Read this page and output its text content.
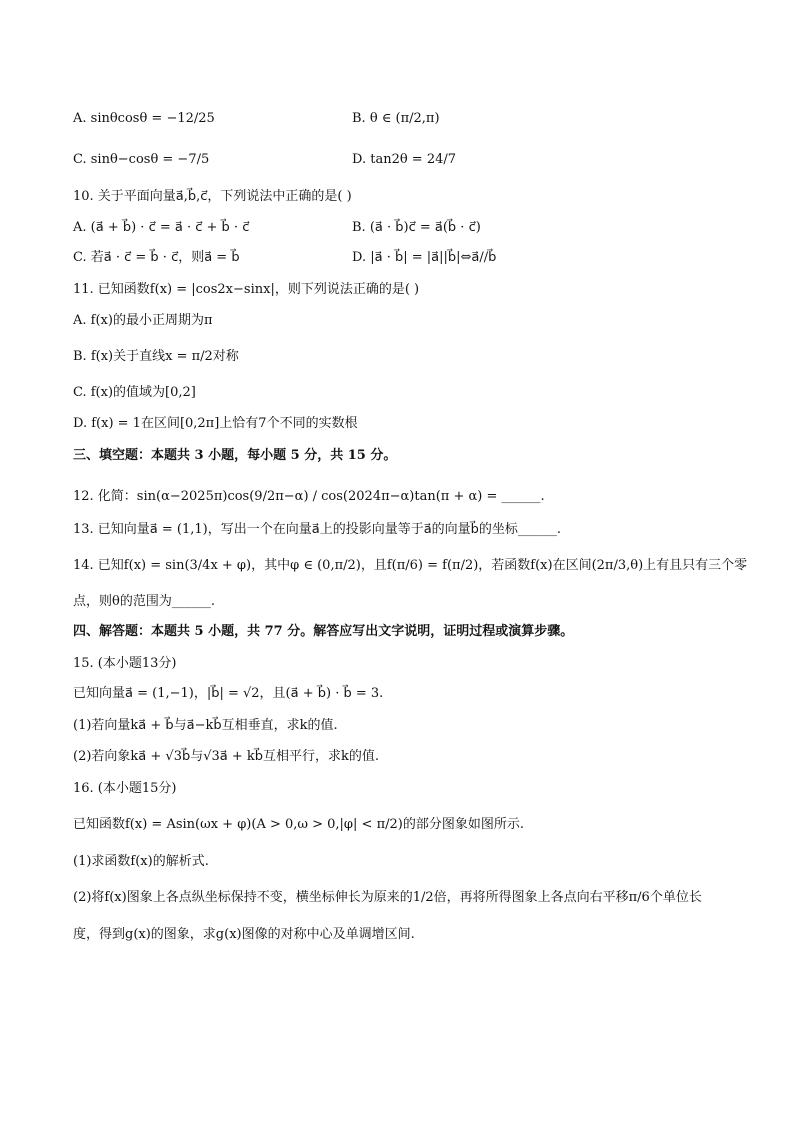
A. sinθcosθ = −12/25	B. θ ∈ (π/2,π)
C. sinθ−cosθ = −7/5	D. tan2θ = 24/7
10. 关于平面向量a⃗,b⃗,c⃗，下列说法中正确的是( )
A. (a⃗ + b⃗) · c⃗ = a⃗ · c⃗ + b⃗ · c⃗	B. (a⃗ · b⃗)c⃗ = a⃗(b⃗ · c⃗)
C. 若a⃗ · c⃗ = b⃗ · c⃗，则a⃗ = b⃗	D. |a⃗ · b⃗| = |a⃗||b⃗|⇔a⃗//b⃗
11. 已知函数f(x) = |cos2x−sinx|，则下列说法正确的是( )
A. f(x)的最小正周期为π
B. f(x)关于直线x = π/2对称
C. f(x)的值域为[0,2]
D. f(x) = 1在区间[0,2π]上恰有7个不同的实数根
三、填空题：本题共 3 小题，每小题 5 分，共 15 分。
12. 化简：sin(α−2025π)cos(9/2π−α) / cos(2024π−α)tan(π + α) = ______.
13. 已知向量a⃗ = (1,1)，写出一个在向量a⃗上的投影向量等于a⃗的向量b⃗的坐标______.
14. 已知f(x) = sin(3/4x + φ)，其中φ ∈ (0,π/2)，且f(π/6) = f(π/2)，若函数f(x)在区间(2π/3,θ)上有且只有三个零
点，则θ的范围为______.
四、解答题：本题共 5 小题，共 77 分。解答应写出文字说明，证明过程或演算步骤。
15. (本小题13分)
已知向量a⃗ = (1,−1)，|b⃗| = √2，且(a⃗ + b⃗) · b⃗ = 3.
(1)若向量ka⃗ + b⃗与a⃗−kb⃗互相垂直，求k的值.
(2)若向象ka⃗ + √3b⃗与√3a⃗ + kb⃗互相平行，求k的值.
16. (本小题15分)
已知函数f(x) = Asin(ωx + φ)(A > 0,ω > 0,|φ| < π/2)的部分图象如图所示.
(1)求函数f(x)的解析式.
(2)将f(x)图象上各点纵坐标保持不变，横坐标伸长为原来的1/2倍，再将所得图象上各点向右平移π/6个单位长
度，得到g(x)的图象，求g(x)图像的对称中心及单调增区间.
